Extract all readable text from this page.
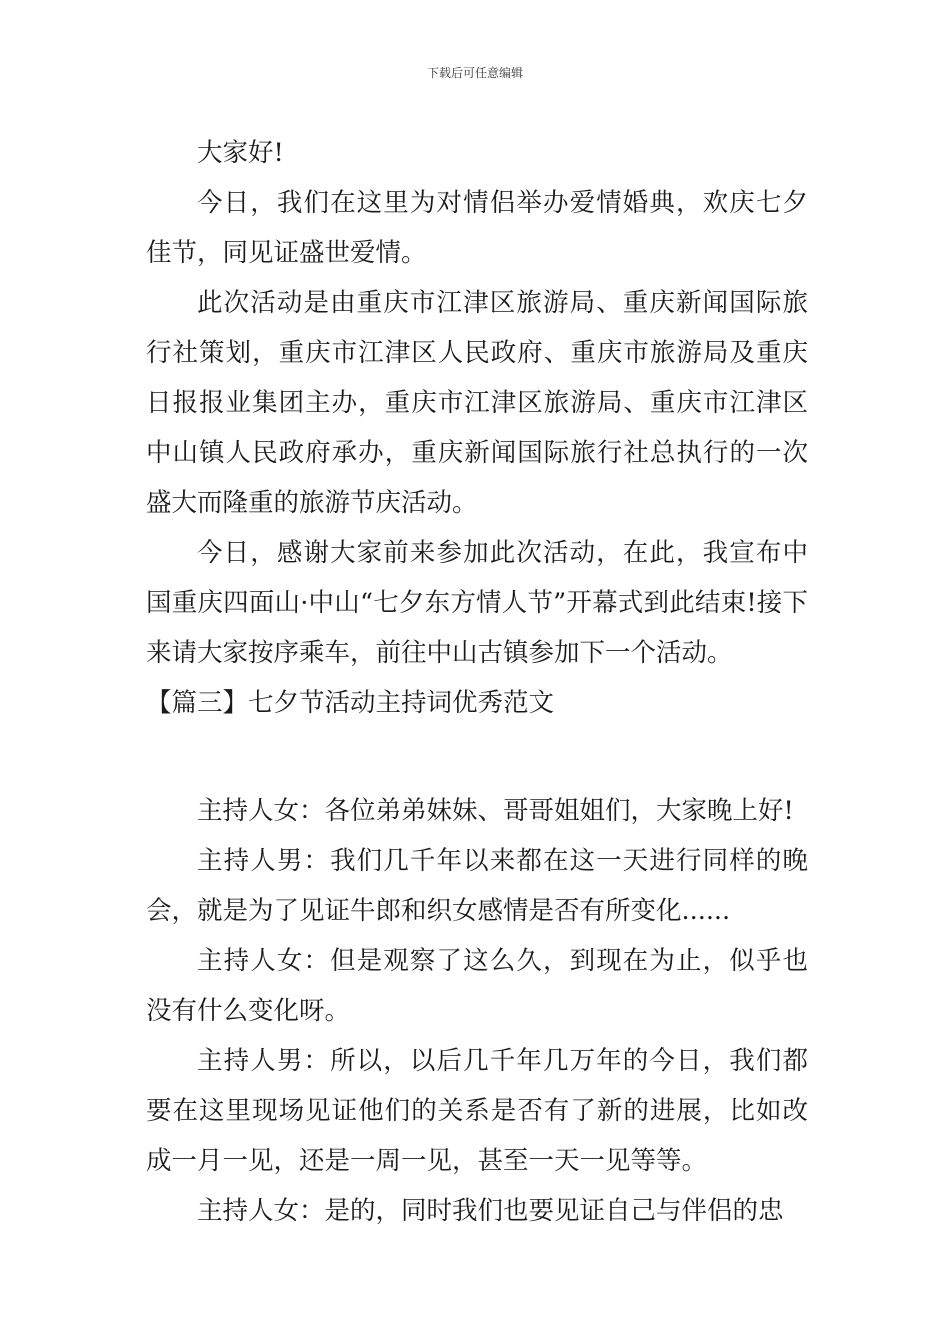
下载后可任意编辑

大家好!

今日，我们在这里为对情侣举办爱情婚典，欢庆七夕佳节，同见证盛世爱情。

此次活动是由重庆市江津区旅游局、重庆新闻国际旅行社策划，重庆市江津区人民政府、重庆市旅游局及重庆日报报业集团主办，重庆市江津区旅游局、重庆市江津区中山镇人民政府承办，重庆新闻国际旅行社总执行的一次盛大而隆重的旅游节庆活动。

今日，感谢大家前来参加此次活动，在此，我宣布中国重庆四面山·中山“七夕东方情人节”开幕式到此结束!接下来请大家按序乘车，前往中山古镇参加下一个活动。

【篇三】七夕节活动主持词优秀范文

主持人女：各位弟弟妹妹、哥哥姐姐们，大家晚上好!

主持人男：我们几千年以来都在这一天进行同样的晚会，就是为了见证牛郎和织女感情是否有所变化......

主持人女：但是观察了这么久，到现在为止，似乎也没有什么变化呀。

主持人男：所以，以后几千年几万年的今日，我们都要在这里现场见证他们的关系是否有了新的进展，比如改成一月一见，还是一周一见，甚至一天一见等等。

主持人女：是的，同时我们也要见证自己与伴侣的忠
